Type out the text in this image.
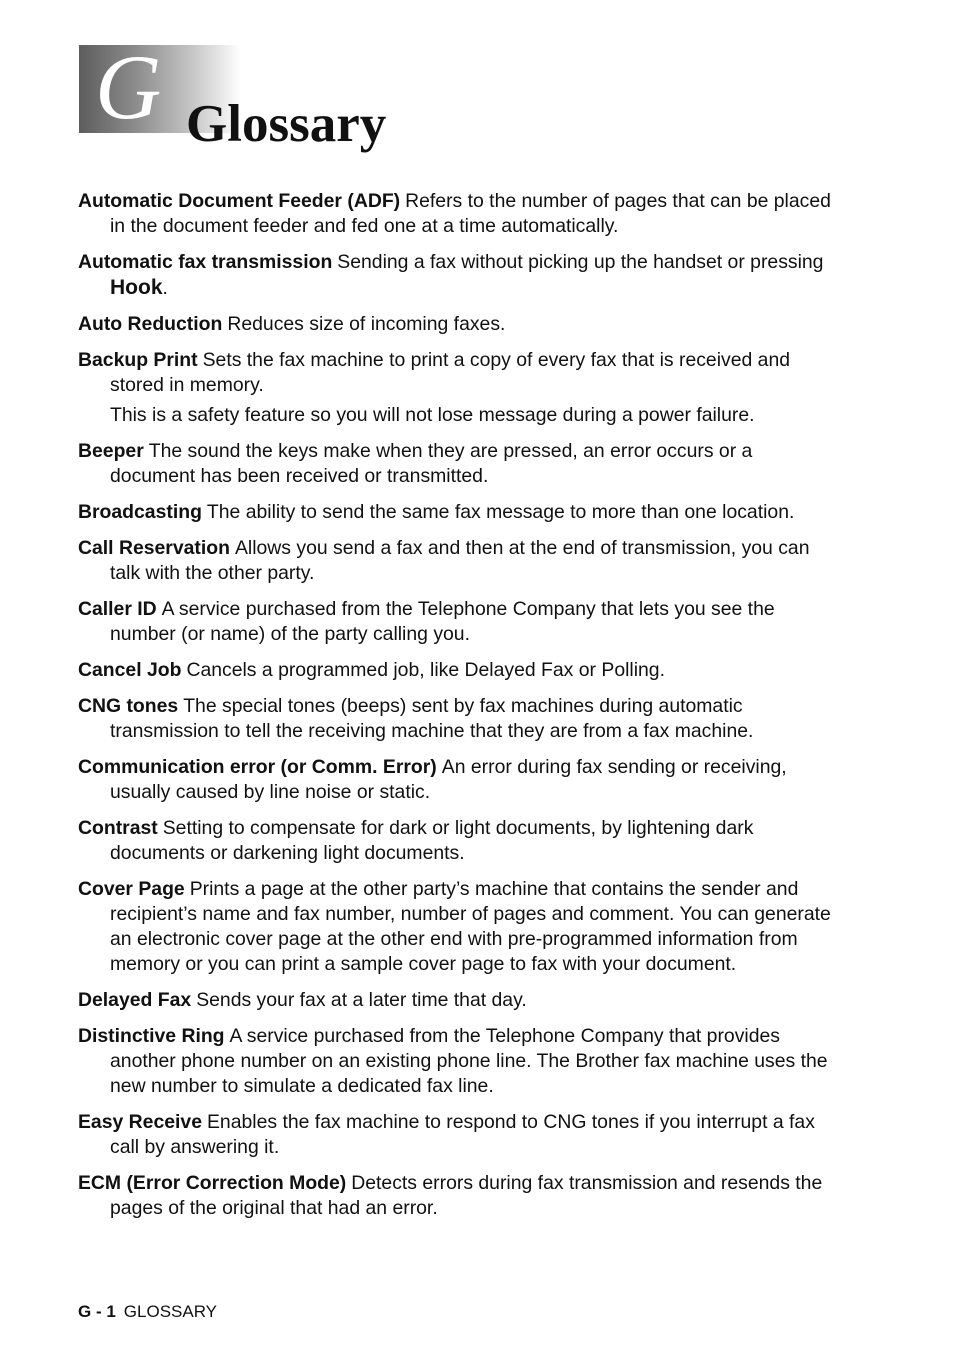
G Glossary

Automatic Document Feeder (ADF) Refers to the number of pages that can be placed in the document feeder and fed one at a time automatically.

Automatic fax transmission Sending a fax without picking up the handset or pressing Hook.

Auto Reduction Reduces size of incoming faxes.

Backup Print Sets the fax machine to print a copy of every fax that is received and stored in memory.

This is a safety feature so you will not lose message during a power failure.

Beeper The sound the keys make when they are pressed, an error occurs or a document has been received or transmitted.

Broadcasting The ability to send the same fax message to more than one location.

Call Reservation Allows you send a fax and then at the end of transmission, you can talk with the other party.

Caller ID A service purchased from the Telephone Company that lets you see the number (or name) of the party calling you.

Cancel Job Cancels a programmed job, like Delayed Fax or Polling.

CNG tones The special tones (beeps) sent by fax machines during automatic transmission to tell the receiving machine that they are from a fax machine.

Communication error (or Comm. Error) An error during fax sending or receiving, usually caused by line noise or static.

Contrast Setting to compensate for dark or light documents, by lightening dark documents or darkening light documents.

Cover Page Prints a page at the other party’s machine that contains the sender and recipient’s name and fax number, number of pages and comment. You can generate an electronic cover page at the other end with pre-programmed information from memory or you can print a sample cover page to fax with your document.

Delayed Fax Sends your fax at a later time that day.

Distinctive Ring A service purchased from the Telephone Company that provides another phone number on an existing phone line. The Brother fax machine uses the new number to simulate a dedicated fax line.

Easy Receive Enables the fax machine to respond to CNG tones if you interrupt a fax call by answering it.

ECM (Error Correction Mode) Detects errors during fax transmission and resends the pages of the original that had an error.

G - 1 GLOSSARY
